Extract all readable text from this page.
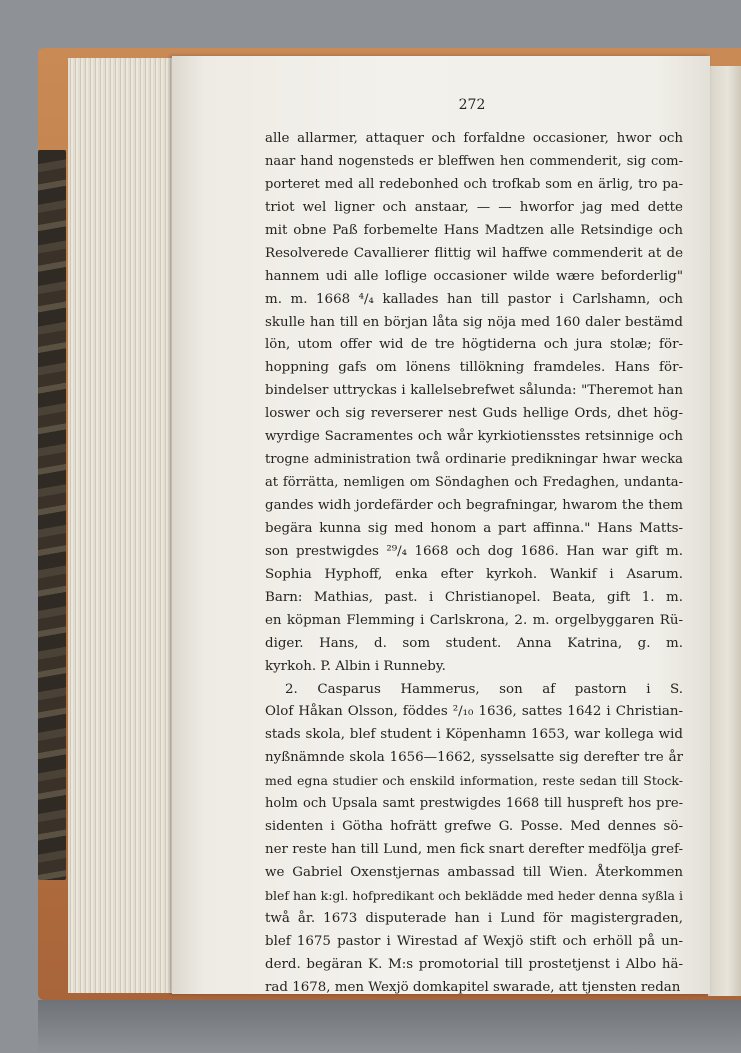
272
alle allarmer, attaquer och forfaldne occasioner, hwor och
naar hand nogensteds er bleffwen hen commenderit, sig com-
porteret med all redebonhed och trofkab som en ärlig, tro pa-
triot wel ligner och anstaar, — — hworfor jag med dette
mit obne Paß forbemelte Hans Madtzen alle Retsindige och
Resolverede Cavallierer flittig wil haffwe commenderit at de
hannem udi alle loflige occasioner wilde wære beforderlig"
m. m. 1668 ⁴/₄ kallades han till pastor i Carlshamn, och
skulle han till en början låta sig nöja med 160 daler bestämd
lön, utom offer wid de tre högtiderna och jura stolæ; för-
hoppning gafs om lönens tillökning framdeles. Hans för-
bindelser uttryckas i kallelsebrefwet sålunda: "Theremot han
loswer och sig reverserer nest Guds hellige Ords, dhet hög-
wyrdige Sacramentes och wår kyrkiotiensstes retsinnige och
trogne administration twå ordinarie predikningar hwar wecka
at förrätta, nemligen om Söndaghen och Fredaghen, undanta-
gandes widh jordefärder och begrafningar, hwarom the them
begära kunna sig med honom a part affinna." Hans Matts-
son prestwigdes ²⁹/₄ 1668 och dog 1686. Han war gift m.
Sophia Hyphoff, enka efter kyrkoh. Wankif i Asarum.
Barn: Mathias, past. i Christianopel. Beata, gift 1. m.
en köpman Flemming i Carlskrona, 2. m. orgelbyggaren Rü-
diger. Hans, d. som student. Anna Katrina, g. m.
kyrkoh. P. Albin i Runneby.
2. Casparus Hammerus, son af pastorn i S.
Olof Håkan Olsson, föddes ²/₁₀ 1636, sattes 1642 i Christian-
stads skola, blef student i Köpenhamn 1653, war kollega wid
nyßnämnde skola 1656—1662, sysselsatte sig derefter tre år
med egna studier och enskild information, reste sedan till Stock-
holm och Upsala samt prestwigdes 1668 till huspreft hos pre-
sidenten i Götha hofrätt grefwe G. Posse. Med dennes sö-
ner reste han till Lund, men fick snart derefter medfölja gref-
we Gabriel Oxenstjernas ambassad till Wien. Återkommen
blef han k:gl. hofpredikant och beklädde med heder denna syßla i
twå år. 1673 disputerade han i Lund för magistergraden,
blef 1675 pastor i Wirestad af Wexjö stift och erhöll på un-
derd. begäran K. M:s promotorial till prostetjenst i Albo hä-
rad 1678, men Wexjö domkapitel swarade, att tjensten redan
